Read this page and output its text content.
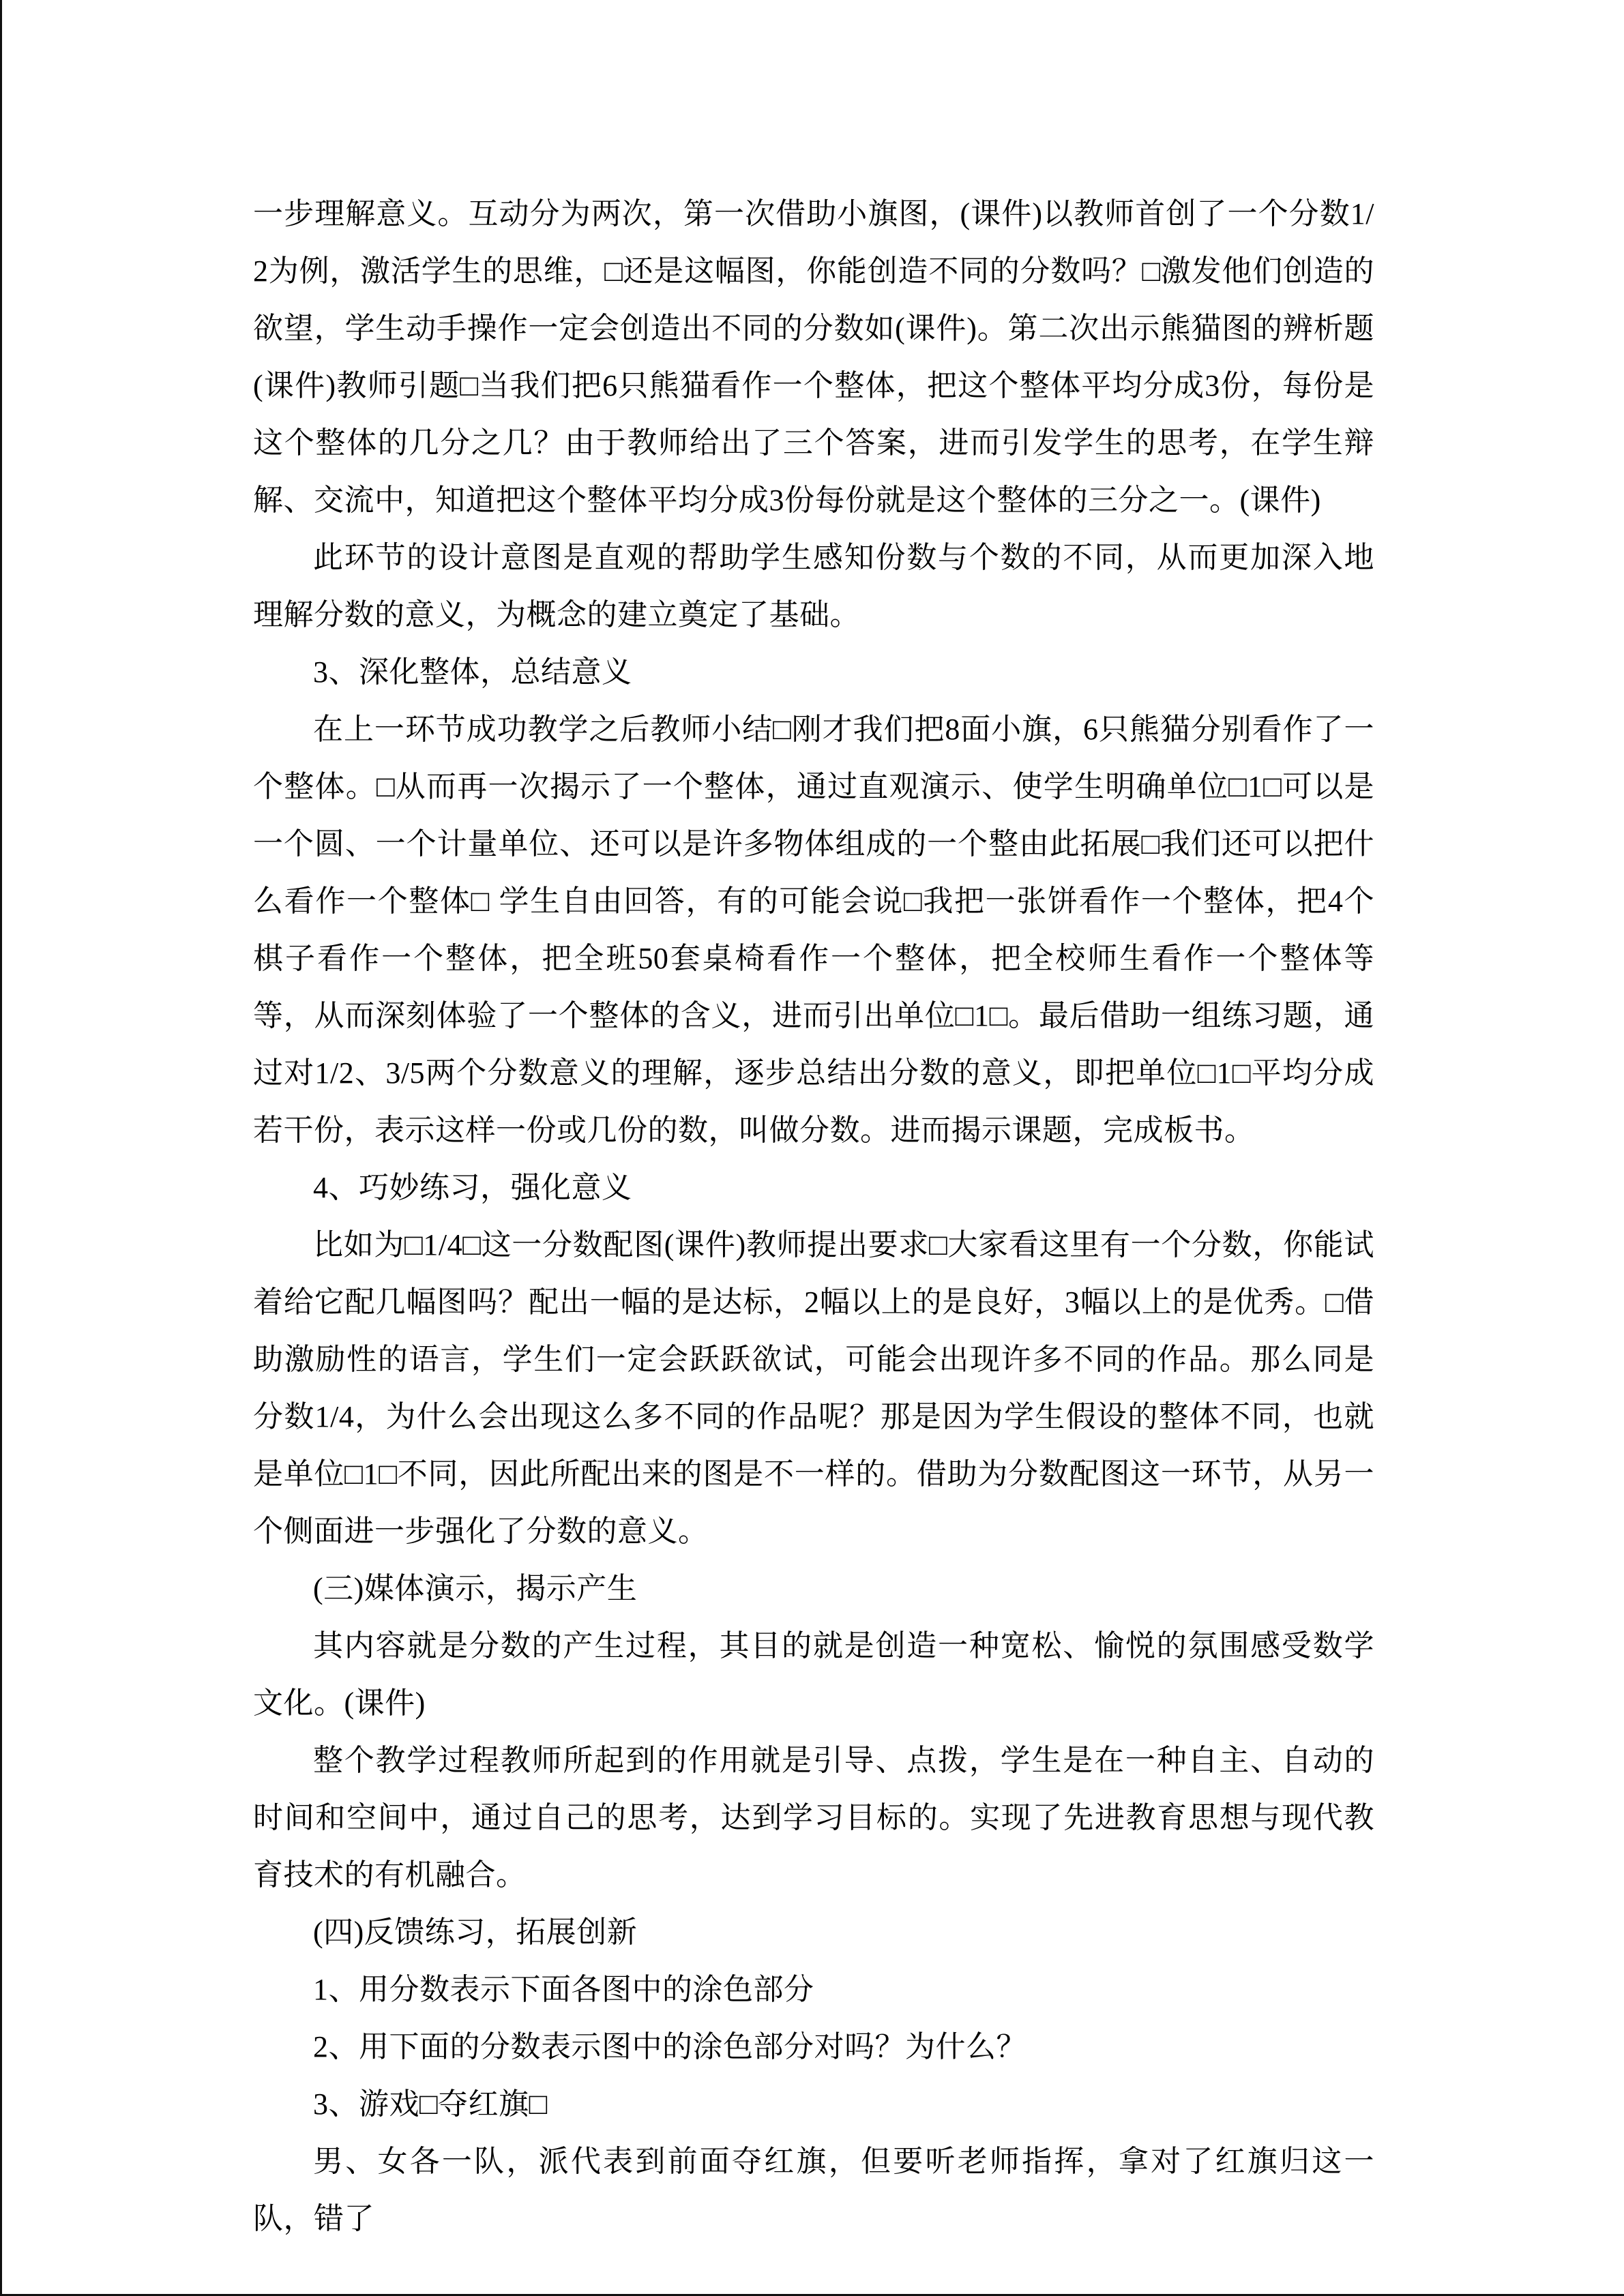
一步理解意义。互动分为两次，第一次借助小旗图，(课件)以教师首创了一个分数1/2为例，激活学生的思维，□还是这幅图，你能创造不同的分数吗？□激发他们创造的欲望，学生动手操作一定会创造出不同的分数如(课件)。第二次出示熊猫图的辨析题(课件)教师引题□当我们把6只熊猫看作一个整体，把这个整体平均分成3份，每份是这个整体的几分之几？由于教师给出了三个答案，进而引发学生的思考，在学生辩解、交流中，知道把这个整体平均分成3份每份就是这个整体的三分之一。(课件)

此环节的设计意图是直观的帮助学生感知份数与个数的不同，从而更加深入地理解分数的意义，为概念的建立奠定了基础。

3、深化整体，总结意义

在上一环节成功教学之后教师小结□刚才我们把8面小旗，6只熊猫分别看作了一个整体。□从而再一次揭示了一个整体，通过直观演示、使学生明确单位□1□可以是一个圆、一个计量单位、还可以是许多物体组成的一个整由此拓展□我们还可以把什么看作一个整体□ 学生自由回答，有的可能会说□我把一张饼看作一个整体，把4个棋子看作一个整体，把全班50套桌椅看作一个整体，把全校师生看作一个整体等等，从而深刻体验了一个整体的含义，进而引出单位□1□。最后借助一组练习题，通过对1/2、3/5两个分数意义的理解，逐步总结出分数的意义，即把单位□1□平均分成若干份，表示这样一份或几份的数，叫做分数。进而揭示课题，完成板书。

4、巧妙练习，强化意义

比如为□1/4□这一分数配图(课件)教师提出要求□大家看这里有一个分数，你能试着给它配几幅图吗？配出一幅的是达标，2幅以上的是良好，3幅以上的是优秀。□借助激励性的语言，学生们一定会跃跃欲试，可能会出现许多不同的作品。那么同是分数1/4，为什么会出现这么多不同的作品呢？那是因为学生假设的整体不同，也就是单位□1□不同，因此所配出来的图是不一样的。借助为分数配图这一环节，从另一个侧面进一步强化了分数的意义。

(三)媒体演示，揭示产生

其内容就是分数的产生过程，其目的就是创造一种宽松、愉悦的氛围感受数学文化。(课件)

整个教学过程教师所起到的作用就是引导、点拨，学生是在一种自主、自动的时间和空间中，通过自己的思考，达到学习目标的。实现了先进教育思想与现代教育技术的有机融合。

(四)反馈练习，拓展创新

1、用分数表示下面各图中的涂色部分

2、用下面的分数表示图中的涂色部分对吗？为什么？

3、游戏□夺红旗□

男、女各一队，派代表到前面夺红旗，但要听老师指挥，拿对了红旗归这一队，错了
